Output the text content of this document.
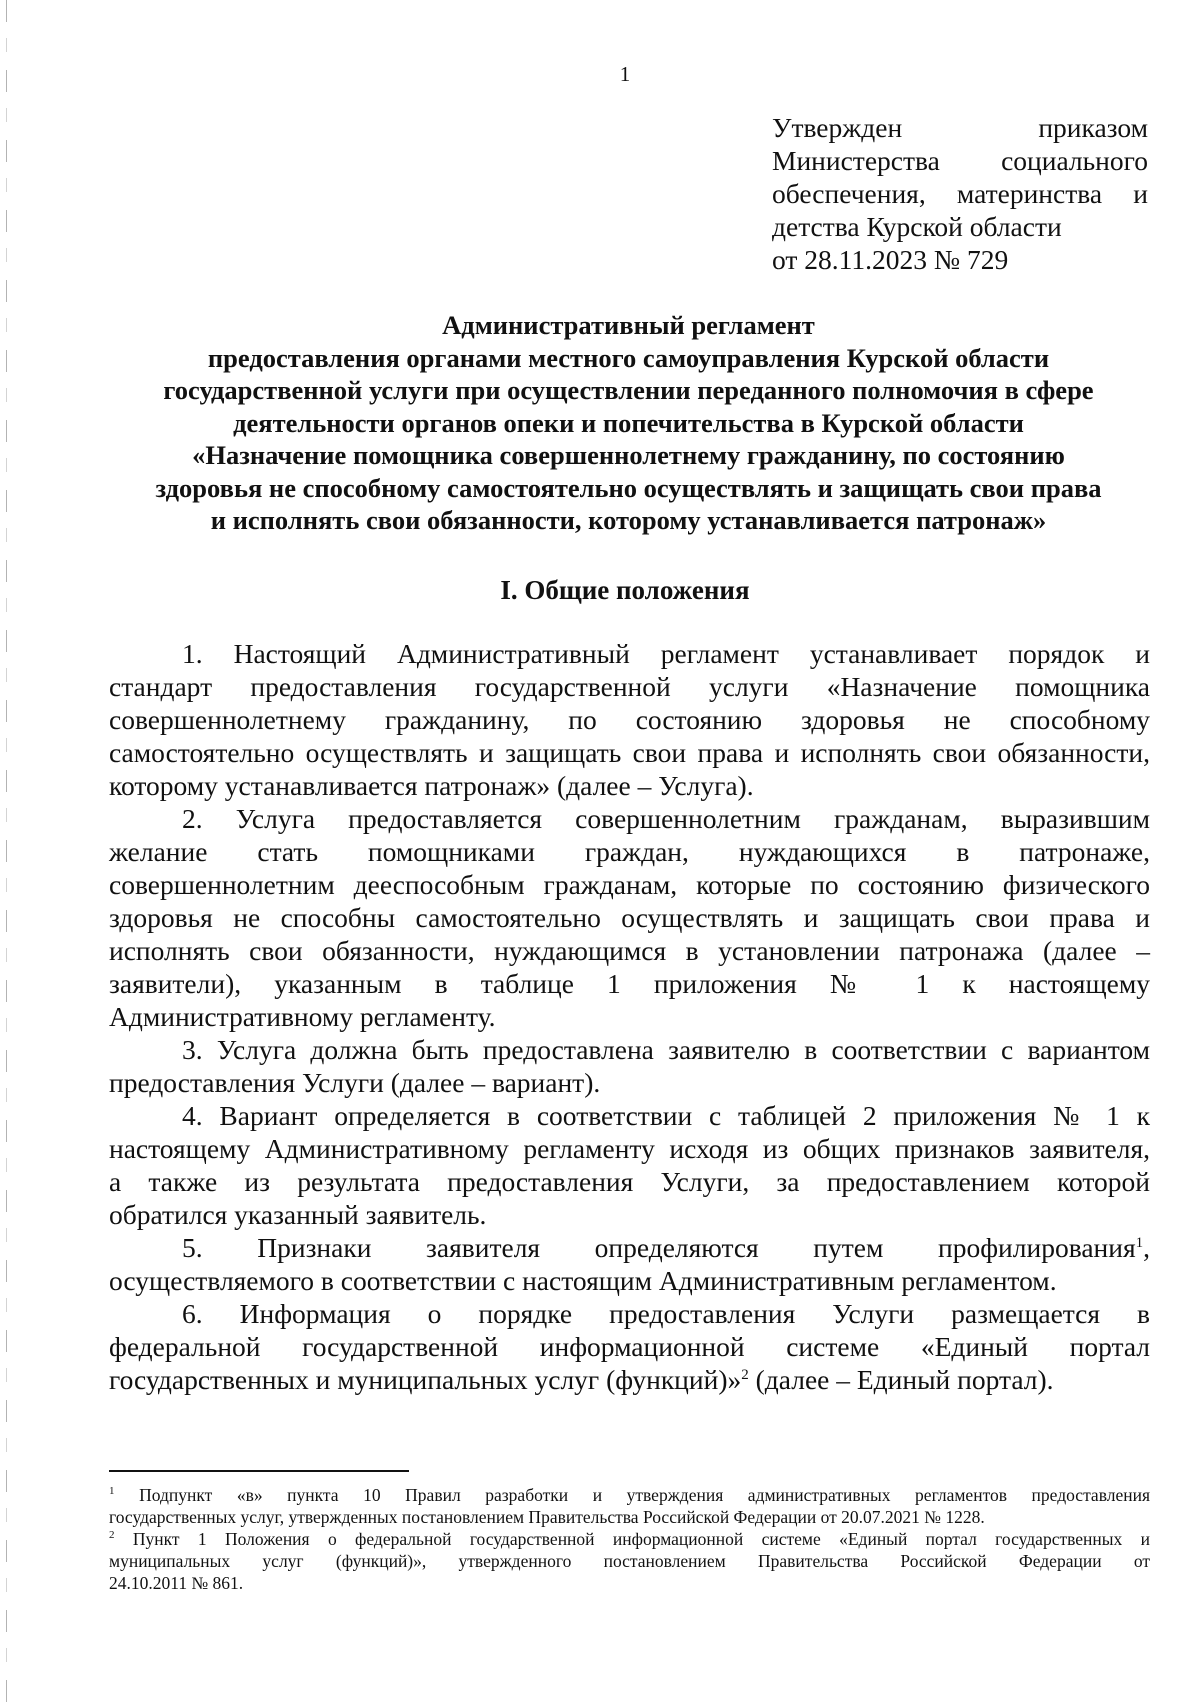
1
Утвержден	приказом
Министерства социального
обеспечения, материнства и
детства Курской области
от 28.11.2023 № 729
Административный регламент
предоставления органами местного самоуправления Курской области
государственной услуги при осуществлении переданного полномочия в сфере
деятельности органов опеки и попечительства в Курской области
«Назначение помощника совершеннолетнему гражданину, по состоянию
здоровья не способному самостоятельно осуществлять и защищать свои права
и исполнять свои обязанности, которому устанавливается патронаж»
I. Общие положения
1. Настоящий Административный регламент устанавливает порядок и
стандарт предоставления государственной услуги «Назначение помощника
совершеннолетнему гражданину, по состоянию здоровья не способному
самостоятельно осуществлять и защищать свои права и исполнять свои обязанности,
которому устанавливается патронаж» (далее – Услуга).
2. Услуга предоставляется совершеннолетним гражданам, выразившим
желание стать помощниками граждан, нуждающихся в патронаже,
совершеннолетним дееспособным гражданам, которые по состоянию физического
здоровья не способны самостоятельно осуществлять и защищать свои права и
исполнять свои обязанности, нуждающимся в установлении патронажа (далее –
заявители), указанным в таблице 1 приложения № 1 к настоящему
Административному регламенту.
3. Услуга должна быть предоставлена заявителю в соответствии с вариантом
предоставления Услуги (далее – вариант).
4. Вариант определяется в соответствии с таблицей 2 приложения № 1 к
настоящему Административному регламенту исходя из общих признаков заявителя,
а также из результата предоставления Услуги, за предоставлением которой
обратился указанный заявитель.
5. Признаки заявителя определяются путем профилирования$^1$,
осуществляемого в соответствии с настоящим Административным регламентом.
6. Информация о порядке предоставления Услуги размещается в
федеральной государственной информационной системе «Единый портал
государственных и муниципальных услуг (функций)»$^2$ (далее – Единый портал).
$^1$ Подпункт «в» пункта 10 Правил разработки и утверждения административных регламентов предоставления
государственных услуг, утвержденных постановлением Правительства Российской Федерации от 20.07.2021 № 1228.
$^2$ Пункт 1 Положения о федеральной государственной информационной системе «Единый портал государственных и
муниципальных услуг (функций)», утвержденного постановлением Правительства Российской Федерации от
24.10.2011 № 861.
